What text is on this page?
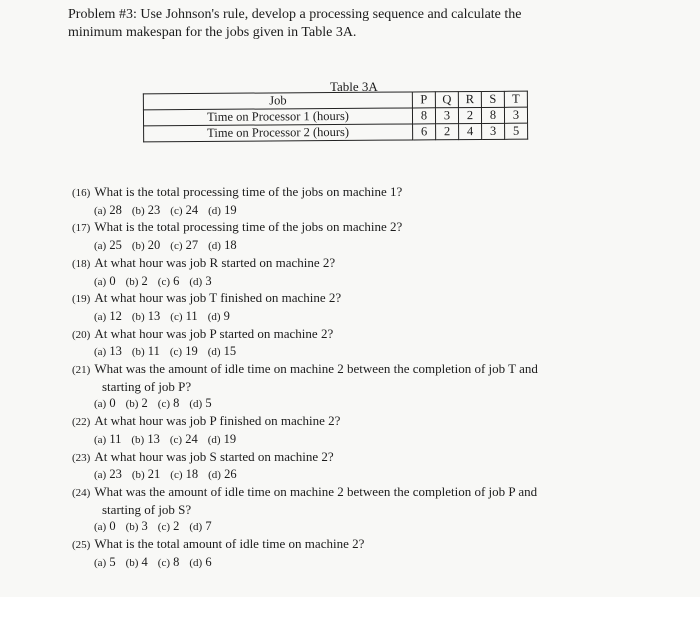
Problem #3: Use Johnson's rule, develop a processing sequence and calculate the minimum makespan for the jobs given in Table 3A.
Table 3A
Job	P	Q	R	S	T
Time on Processor 1 (hours)	8	3	2	8	3
Time on Processor 2 (hours)	6	2	4	3	5
(16) What is the total processing time of the jobs on machine 1?
(a) 28 (b) 23 (c) 24 (d) 19
(17) What is the total processing time of the jobs on machine 2?
(a) 25 (b) 20 (c) 27 (d) 18
(18) At what hour was job R started on machine 2?
(a) 0 (b) 2 (c) 6 (d) 3
(19) At what hour was job T finished on machine 2?
(a) 12 (b) 13 (c) 11 (d) 9
(20) At what hour was job P started on machine 2?
(a) 13 (b) 11 (c) 19 (d) 15
(21) What was the amount of idle time on machine 2 between the completion of job T and
starting of job P?
(a) 0 (b) 2 (c) 8 (d) 5
(22) At what hour was job P finished on machine 2?
(a) 11 (b) 13 (c) 24 (d) 19
(23) At what hour was job S started on machine 2?
(a) 23 (b) 21 (c) 18 (d) 26
(24) What was the amount of idle time on machine 2 between the completion of job P and
starting of job S?
(a) 0 (b) 3 (c) 2 (d) 7
(25) What is the total amount of idle time on machine 2?
(a) 5 (b) 4 (c) 8 (d) 6
